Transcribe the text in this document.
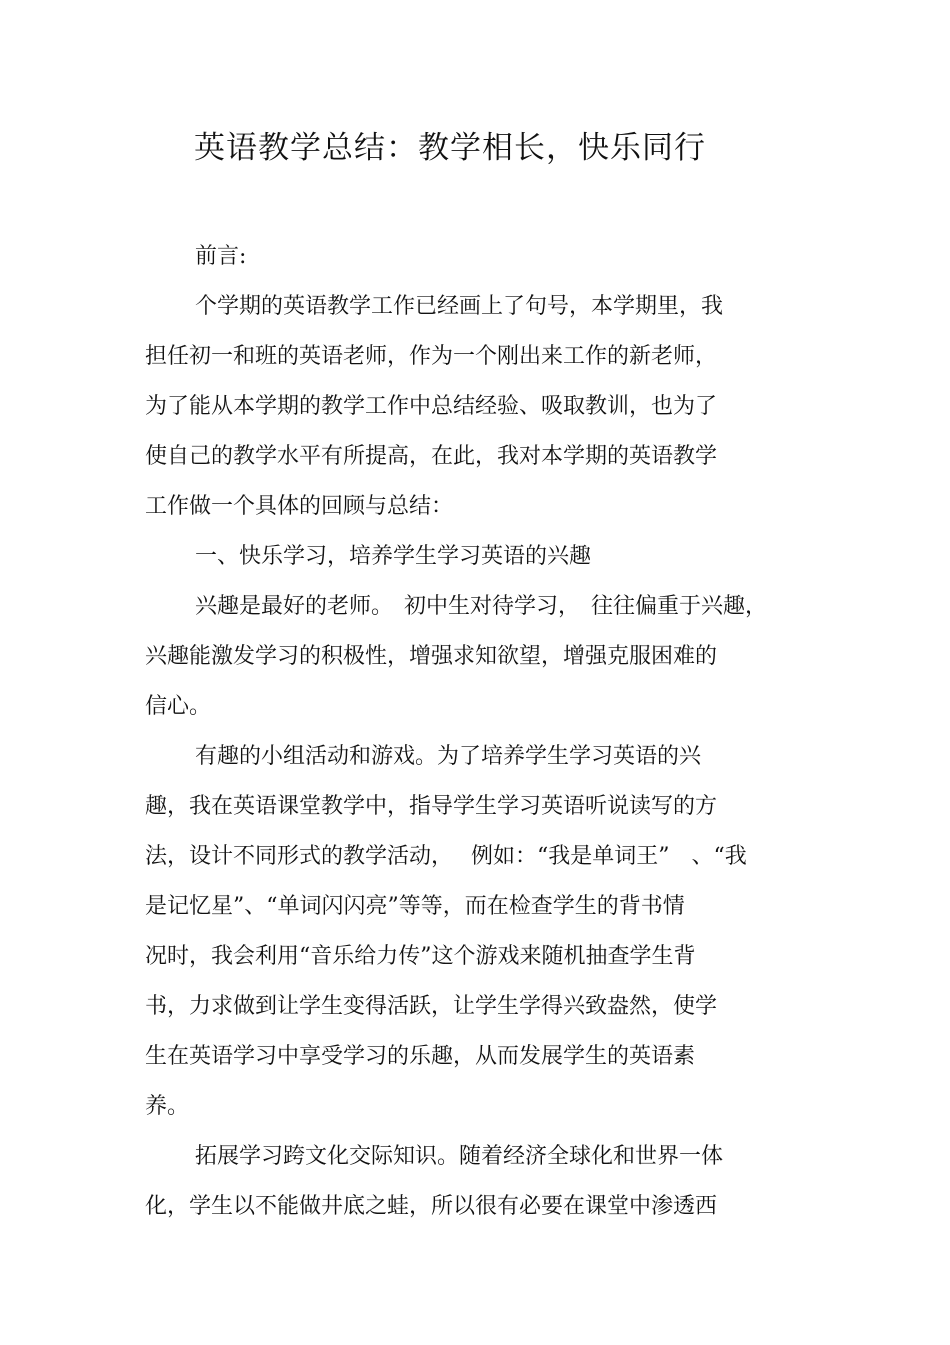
英语教学总结：教学相长，快乐同行
前言:
个学期的英语教学工作已经画上了句号，本学期里，我
担任初一和班的英语老师，作为一个刚出来工作的新老师，
为了能从本学期的教学工作中总结经验、吸取教训，也为了
使自己的教学水平有所提高，在此，我对本学期的英语教学
工作做一个具体的回顾与总结：
一、快乐学习，培养学生学习英语的兴趣
兴趣是最好的老师。　初中生对待学习，　往往偏重于兴趣，
兴趣能激发学习的积极性，增强求知欲望，增强克服困难的
信心。
有趣的小组活动和游戏。为了培养学生学习英语的兴
趣，我在英语课堂教学中，指导学生学习英语听说读写的方
法，设计不同形式的教学活动，　 例如：“我是单词王”　、“我
是记忆星”、“单词闪闪亮”等等，而在检查学生的背书情
况时，我会利用“音乐给力传”这个游戏来随机抽查学生背
书，力求做到让学生变得活跃，让学生学得兴致盎然，使学
生在英语学习中享受学习的乐趣，从而发展学生的英语素
养。
拓展学习跨文化交际知识。随着经济全球化和世界一体
化，学生以不能做井底之蛙，所以很有必要在课堂中渗透西
